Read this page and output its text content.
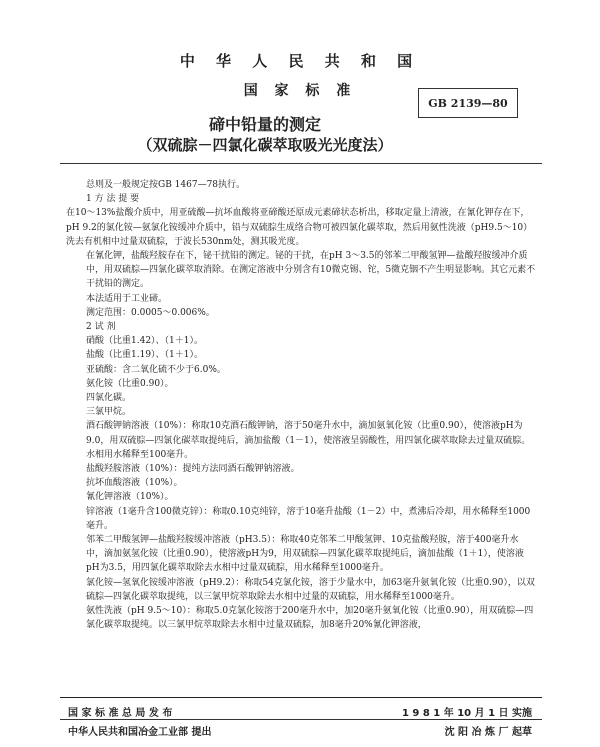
中 华 人 民 共 和 国
国 家 标 准
碲中铅量的测定
（双硫腙－四氯化碳萃取吸光光度法）
GB 2139—80

总则及一般规定按GB 1467—78执行。

1 方 法 提 要

在10～13%盐酸介质中，用亚硫酸—抗坏血酸将亚碲酸还原成元素碲状态析出，移取定量上清液，在氰化钾存在下，pH 9.2的氯化铵—氨氯化铵缓冲介质中，铅与双硫腙生成络合物可被四氯化碳萃取，然后用氨性洗液（pH9.5～10）洗去有机相中过量双硫腙，于波长530nm处，测其吸光度。

在氰化钾，盐酸羟胺存在下，铋干扰铅的测定。铋的干扰，在pH 3～3.5的邻苯二甲酸氢钾—盐酸羟胺缓冲介质中，用双硫腙—四氯化碳萃取消除。在测定溶液中分别含有10微克锡、铊，5微克铟不产生明显影响。其它元素不干扰铅的测定。

本法适用于工业碲。

测定范围：0.0005～0.006%。

2 试 剂

硝酸（比重1.42）、（1＋1）。

盐酸（比重1.19）、（1＋1）。

亚硫酸：含二氧化硫不少于6.0%。

氨化铵（比重0.90）。

四氯化碳。

三氯甲烷。

酒石酸钾钠溶液（10%）：称取10克酒石酸钾钠，溶于50毫升水中，滴加氨氧化铵（比重0.90），使溶液pH为9.0，用双硫腙—四氯化碳萃取提纯后，滴加盐酸（1－1），使溶液呈弱酸性，用四氯化碳萃取除去过量双硫腙。水相用水稀释至100毫升。

盐酸羟胺溶液（10%）：提纯方法同酒石酸钾钠溶液。

抗坏血酸溶液（10%）。

氰化钾溶液（10%）。

锌溶液（1毫升含100微克锌）：称取0.10克纯锌，溶于10毫升盐酸（1－2）中，煮沸后冷却，用水稀释至1000毫升。

邻苯二甲酸氢钾—盐酸羟胺缓冲溶液（pH3.5）：称取40克邻苯二甲酸氢钾、10克盐酸羟胺，溶于400毫升水中，滴加氨氢化铵（比重0.90），使溶液pH为9，用双硫腙—四氯化碳萃取提纯后，滴加盐酸（1＋1），使溶液pH为3.5，用四氯化碳萃取除去水相中过量双硫腙，用水稀释至1000毫升。

氯化铵—氢氧化铵缓冲溶液（pH9.2）：称取54克氯化铵，溶于少量水中，加63毫升氨氧化铵（比重0.90），以双硫腙—四氯化碳萃取提纯，以三氯甲烷萃取除去水相中过量的双硫腙，用水稀释至1000毫升。

氨性洗液（pH 9.5～10）：称取5.0克氯化铵溶于200毫升水中，加20毫升氨氧化铵（比重0.90），用双硫腙—四氯化碳萃取提纯。以三氯甲烷萃取除去水相中过量双硫腙，加8毫升20%氰化钾溶液，

国 家 标 准 总 局 发 布	1 9 8 1 年 10 月 1 日 实施
中华人民共和国冶金工业部 提出	沈 阳 冶 炼 厂 起草
